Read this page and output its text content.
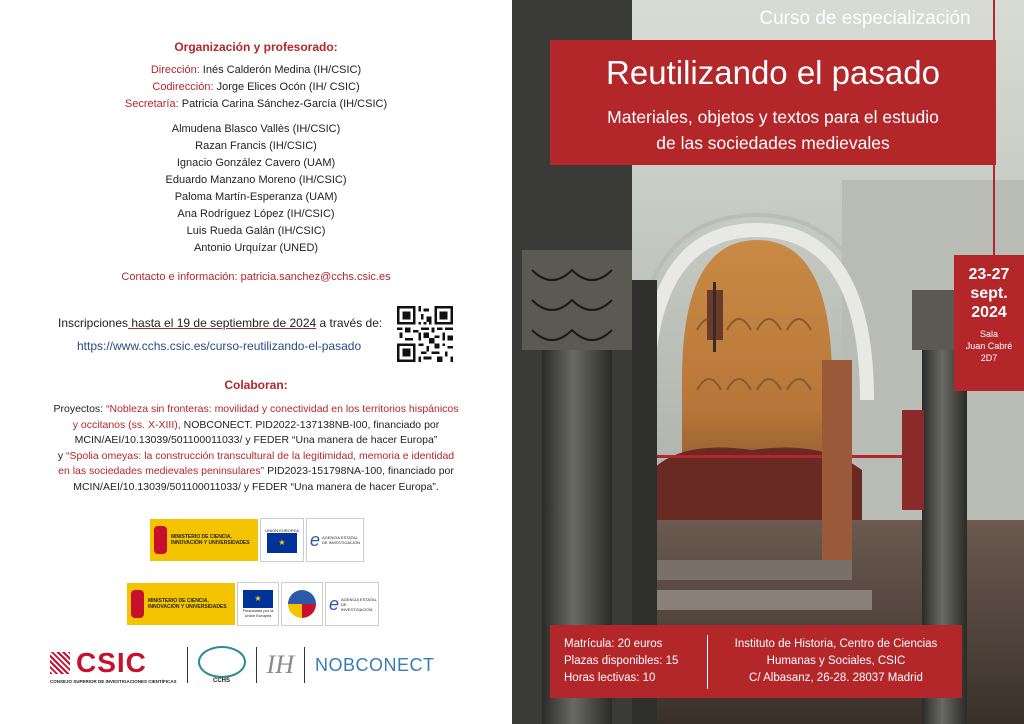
Organización y profesorado:
Dirección: Inés Calderón Medina (IH/CSIC)
Codirección: Jorge Elices Ocón (IH/ CSIC)
Secretaría: Patricia Carina Sánchez-García (IH/CSIC)
Almudena Blasco Vallès (IH/CSIC)
Razan Francis (IH/CSIC)
Ignacio González Cavero (UAM)
Eduardo Manzano Moreno (IH/CSIC)
Paloma Martín-Esperanza (UAM)
Ana Rodríguez López (IH/CSIC)
Luis Rueda Galán (IH/CSIC)
Antonio Urquízar (UNED)
Contacto e información: patricia.sanchez@cchs.csic.es
Inscripciones hasta el 19 de septiembre de 2024 a través de:
https://www.cchs.csic.es/curso-reutilizando-el-pasado
Colaboran:
Proyectos: “Nobleza sin fronteras: movilidad y conectividad en los territorios hispánicos
y occitanos (ss. X-XIII), NOBCONECT. PID2022-137138NB-I00, financiado por
MCIN/AEI/10.13039/501100011033/ y FEDER “Una manera de hacer Europa”
y “Spolia omeyas: la construcción transcultural de la legitimidad, memoria e identidad
en las sociedades medievales peninsulares” PID2023-151798NA-100, financiado por
MCIN/AEI/10.13039/501100011033/ y FEDER “Una manera de hacer Europa”.
MINISTERIO DE CIENCIA, INNOVACIÓN Y UNIVERSIDADES
UNIÓN EUROPEA
★	e AGENCIA ESTATAL DE INVESTIGACIÓN
MINISTERIO DE CIENCIA, INNOVACIÓN Y UNIVERSIDADES
★
Financiado por la Unión Europea
e AGENCIA ESTATAL DE INVESTIGACIÓN
CSIC
CONSEJO SUPERIOR DE INVESTIGACIONES CIENTÍFICAS	CCHS
IH NOBCONECT
Curso de especialización
Reutilizando el pasado
Materiales, objetos y textos para el estudio
de las sociedades medievales
23-27
sept.
2024
Sala
Juan Cabré
2D7
Matrícula: 20 euros
Plazas disponibles: 15
Horas lectivas: 10
Instituto de Historia, Centro de Ciencias
Humanas y Sociales, CSIC
C/ Albasanz, 26-28. 28037 Madrid
